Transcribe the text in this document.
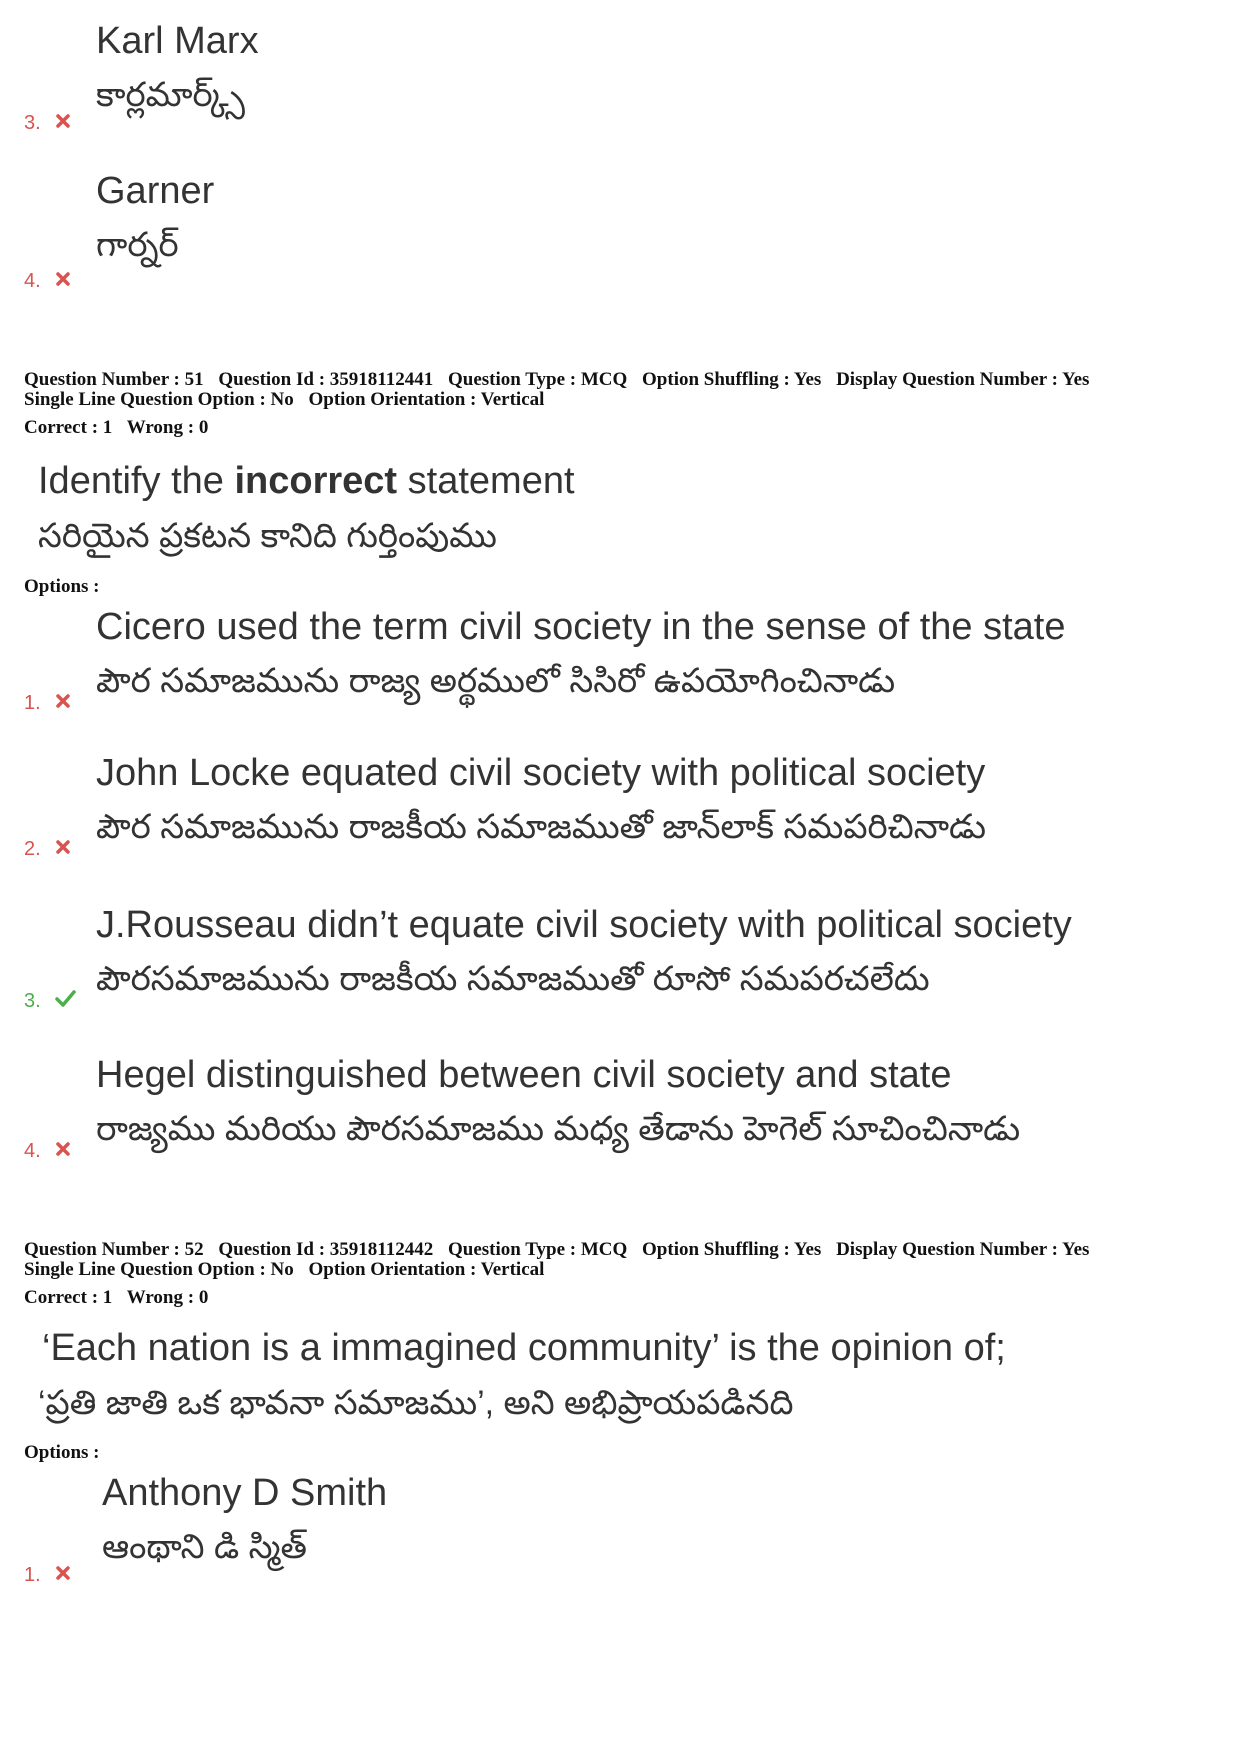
Karl Marx
కార్లమార్క్స్
3.
Garner
గార్నర్
4.
Question Number : 51 Question Id : 35918112441 Question Type : MCQ Option Shuffling : Yes Display Question Number : Yes
Single Line Question Option : No Option Orientation : Vertical
Correct : 1 Wrong : 0
Identify the incorrect statement
సరియైన ప్రకటన కానిది గుర్తింపుము
Options :
Cicero used the term civil society in the sense of the state
పౌర సమాజమును రాజ్య అర్థములో సిసిరో ఉపయోగించినాడు
1.
John Locke equated civil society with political society
పౌర సమాజమును రాజకీయ సమాజముతో జాన్‌లాక్ సమపరిచినాడు
2.
J.Rousseau didn’t equate civil society with political society
పౌరసమాజమును రాజకీయ సమాజముతో రూసో సమపరచలేదు
3.
Hegel distinguished between civil society and state
రాజ్యము మరియు పౌరసమాజము మధ్య తేడాను హెగెల్ సూచించినాడు
4.
Question Number : 52 Question Id : 35918112442 Question Type : MCQ Option Shuffling : Yes Display Question Number : Yes
Single Line Question Option : No Option Orientation : Vertical
Correct : 1 Wrong : 0
‘Each nation is a immagined community’ is the opinion of;
‘ప్రతి జాతి ఒక భావనా సమాజము’, అని అభిప్రాయపడినది
Options :
Anthony D Smith
ఆంథాని డి స్మిత్
1.
